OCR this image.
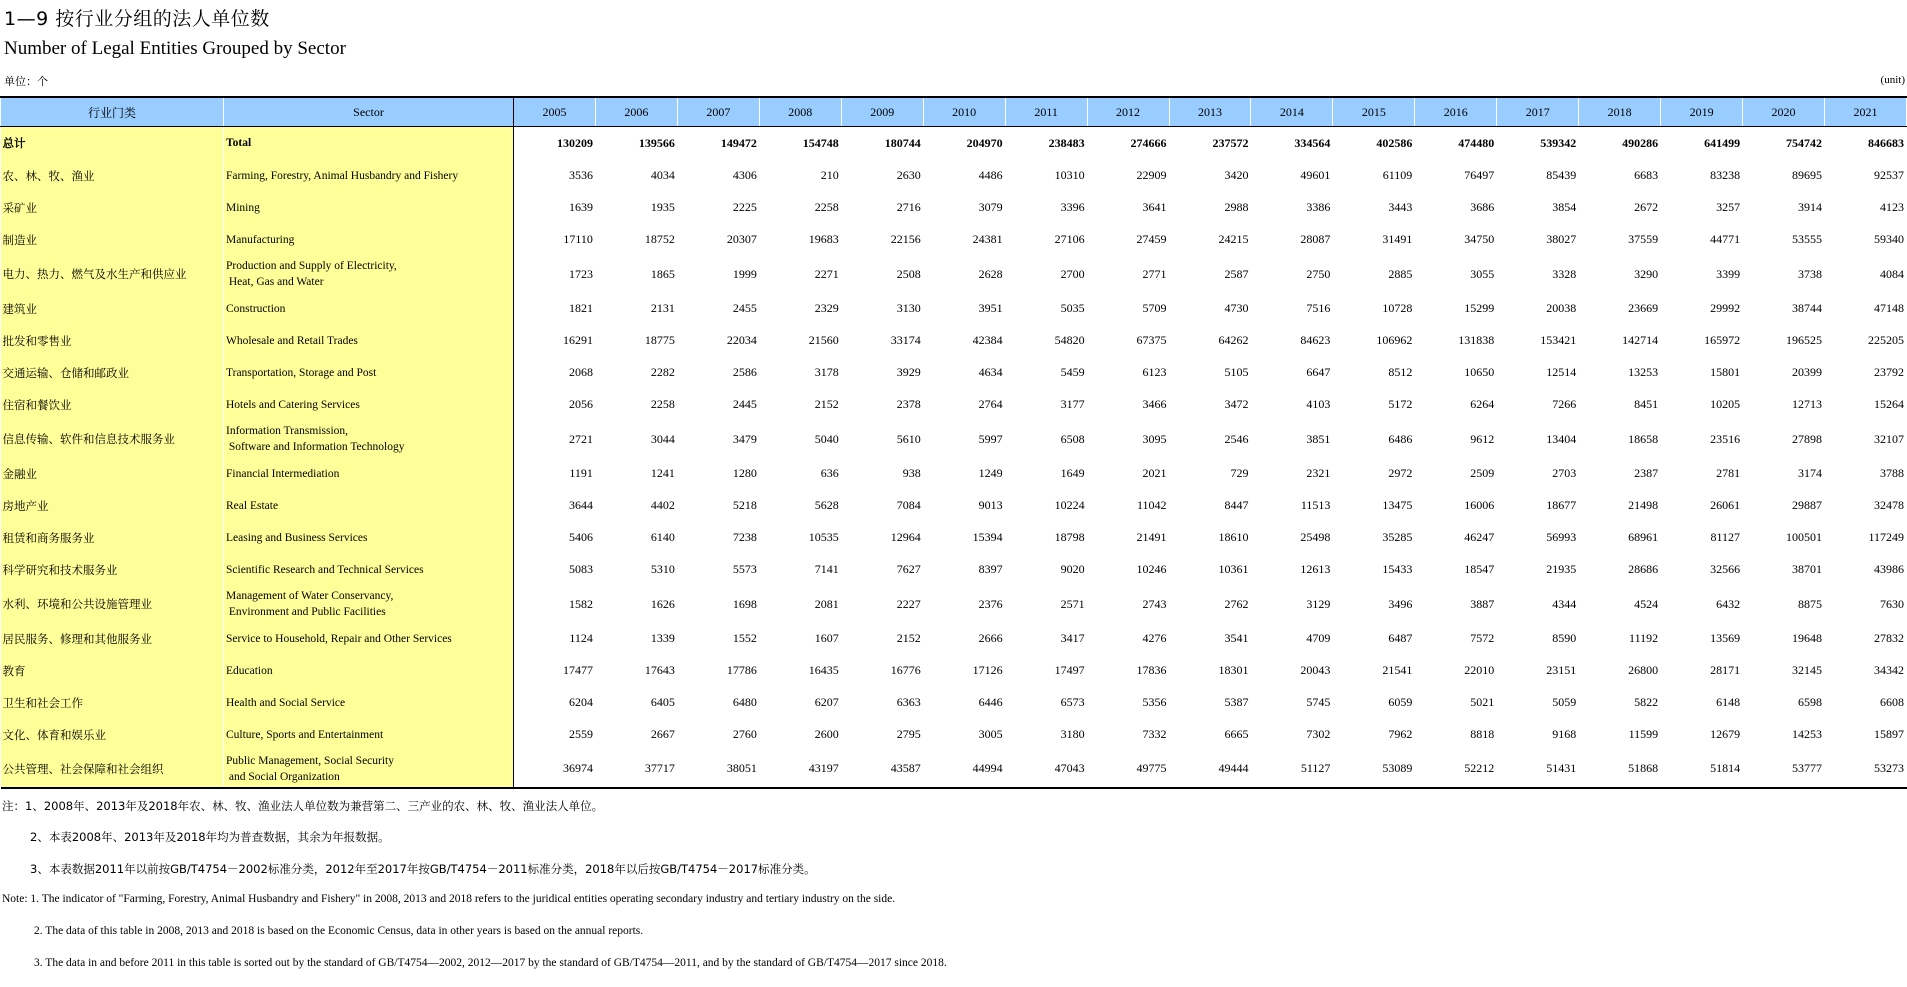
1—9 按行业分组的法人单位数
Number of Legal Entities Grouped by Sector
单位：个	(unit)
行业门类	Sector	2005	2006	2007	2008	2009	2010	2011	2012	2013	2014	2015	2016	2017	2018	2019	2020	2021
总计	Total	130209	139566	149472	154748	180744	204970	238483	274666	237572	334564	402586	474480	539342	490286	641499	754742	846683
农、林、牧、渔业	Farming, Forestry, Animal Husbandry and Fishery	3536	4034	4306	210	2630	4486	10310	22909	3420	49601	61109	76497	85439	6683	83238	89695	92537
采矿业	Mining	1639	1935	2225	2258	2716	3079	3396	3641	2988	3386	3443	3686	3854	2672	3257	3914	4123
制造业	Manufacturing	17110	18752	20307	19683	22156	24381	27106	27459	24215	28087	31491	34750	38027	37559	44771	53555	59340
电力、热力、燃气及水生产和供应业	Production and Supply of Electricity,
Heat, Gas and Water	1723	1865	1999	2271	2508	2628	2700	2771	2587	2750	2885	3055	3328	3290	3399	3738	4084
建筑业	Construction	1821	2131	2455	2329	3130	3951	5035	5709	4730	7516	10728	15299	20038	23669	29992	38744	47148
批发和零售业	Wholesale and Retail Trades	16291	18775	22034	21560	33174	42384	54820	67375	64262	84623	106962	131838	153421	142714	165972	196525	225205
交通运输、仓储和邮政业	Transportation, Storage and Post	2068	2282	2586	3178	3929	4634	5459	6123	5105	6647	8512	10650	12514	13253	15801	20399	23792
住宿和餐饮业	Hotels and Catering Services	2056	2258	2445	2152	2378	2764	3177	3466	3472	4103	5172	6264	7266	8451	10205	12713	15264
信息传输、软件和信息技术服务业	Information Transmission,
Software and Information Technology	2721	3044	3479	5040	5610	5997	6508	3095	2546	3851	6486	9612	13404	18658	23516	27898	32107
金融业	Financial Intermediation	1191	1241	1280	636	938	1249	1649	2021	729	2321	2972	2509	2703	2387	2781	3174	3788
房地产业	Real Estate	3644	4402	5218	5628	7084	9013	10224	11042	8447	11513	13475	16006	18677	21498	26061	29887	32478
租赁和商务服务业	Leasing and Business Services	5406	6140	7238	10535	12964	15394	18798	21491	18610	25498	35285	46247	56993	68961	81127	100501	117249
科学研究和技术服务业	Scientific Research and Technical Services	5083	5310	5573	7141	7627	8397	9020	10246	10361	12613	15433	18547	21935	28686	32566	38701	43986
水利、环境和公共设施管理业	Management of Water Conservancy,
Environment and Public Facilities	1582	1626	1698	2081	2227	2376	2571	2743	2762	3129	3496	3887	4344	4524	6432	8875	7630
居民服务、修理和其他服务业	Service to Household, Repair and Other Services	1124	1339	1552	1607	2152	2666	3417	4276	3541	4709	6487	7572	8590	11192	13569	19648	27832
教育	Education	17477	17643	17786	16435	16776	17126	17497	17836	18301	20043	21541	22010	23151	26800	28171	32145	34342
卫生和社会工作	Health and Social Service	6204	6405	6480	6207	6363	6446	6573	5356	5387	5745	6059	5021	5059	5822	6148	6598	6608
文化、体育和娱乐业	Culture, Sports and Entertainment	2559	2667	2760	2600	2795	3005	3180	7332	6665	7302	7962	8818	9168	11599	12679	14253	15897
公共管理、社会保障和社会组织	Public Management, Social Security
and Social Organization	36974	37717	38051	43197	43587	44994	47043	49775	49444	51127	53089	52212	51431	51868	51814	53777	53273
注：1、2008年、2013年及2018年农、林、牧、渔业法人单位数为兼营第二、三产业的农、林、牧、渔业法人单位。
2、本表2008年、2013年及2018年均为普查数据，其余为年报数据。
3、本表数据2011年以前按GB/T4754－2002标准分类，2012年至2017年按GB/T4754－2011标准分类，2018年以后按GB/T4754－2017标准分类。
Note: 1. The indicator of "Farming, Forestry, Animal Husbandry and Fishery" in 2008, 2013 and 2018 refers to the juridical entities operating secondary industry and tertiary industry on the side.
2. The data of this table in 2008, 2013 and 2018 is based on the Economic Census, data in other years is based on the annual reports.
3. The data in and before 2011 in this table is sorted out by the standard of GB/T4754—2002, 2012—2017 by the standard of GB/T4754—2011, and by the standard of GB/T4754—2017 since 2018.
